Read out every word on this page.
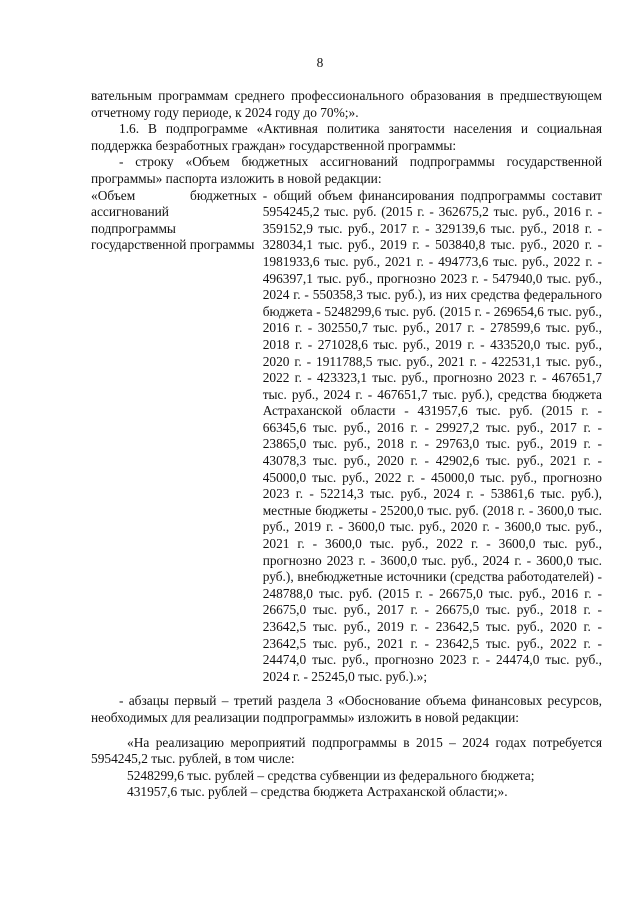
8

вательным программам среднего профессионального образования в предшествующем отчетному году периоде, к 2024 году до 70%;».

1.6. В подпрограмме «Активная политика занятости населения и социальная поддержка безработных граждан» государственной программы:

- строку «Объем бюджетных ассигнований подпрограммы государственной программы» паспорта изложить в новой редакции:

«Объем бюджетных ассигнований подпрограммы государственной программы
- общий объем финансирования подпрограммы составит 5954245,2 тыс. руб. (2015 г. - 362675,2 тыс. руб., 2016 г. - 359152,9 тыс. руб., 2017 г. - 329139,6 тыс. руб., 2018 г. - 328034,1 тыс. руб., 2019 г. - 503840,8 тыс. руб., 2020 г. - 1981933,6 тыс. руб., 2021 г. - 494773,6 тыс. руб., 2022 г. - 496397,1 тыс. руб., прогнозно 2023 г. - 547940,0 тыс. руб., 2024 г. - 550358,3 тыс. руб.), из них средства федерального бюджета - 5248299,6 тыс. руб. (2015 г. - 269654,6 тыс. руб., 2016 г. - 302550,7 тыс. руб., 2017 г. - 278599,6 тыс. руб., 2018 г. - 271028,6 тыс. руб., 2019 г. - 433520,0 тыс. руб., 2020 г. - 1911788,5 тыс. руб., 2021 г. - 422531,1 тыс. руб., 2022 г. - 423323,1 тыс. руб., прогнозно 2023 г. - 467651,7 тыс. руб., 2024 г. - 467651,7 тыс. руб.), средства бюджета Астраханской области - 431957,6 тыс. руб. (2015 г. - 66345,6 тыс. руб., 2016 г. - 29927,2 тыс. руб., 2017 г. - 23865,0 тыс. руб., 2018 г. - 29763,0 тыс. руб., 2019 г. - 43078,3 тыс. руб., 2020 г. - 42902,6 тыс. руб., 2021 г. - 45000,0 тыс. руб., 2022 г. - 45000,0 тыс. руб., прогнозно 2023 г. - 52214,3 тыс. руб., 2024 г. - 53861,6 тыс. руб.), местные бюджеты - 25200,0 тыс. руб. (2018 г. - 3600,0 тыс. руб., 2019 г. - 3600,0 тыс. руб., 2020 г. - 3600,0 тыс. руб., 2021 г. - 3600,0 тыс. руб., 2022 г. - 3600,0 тыс. руб., прогнозно 2023 г. - 3600,0 тыс. руб., 2024 г. - 3600,0 тыс. руб.), внебюджетные источники (средства работодателей) - 248788,0 тыс. руб. (2015 г. - 26675,0 тыс. руб., 2016 г. - 26675,0 тыс. руб., 2017 г. - 26675,0 тыс. руб., 2018 г. - 23642,5 тыс. руб., 2019 г. - 23642,5 тыс. руб., 2020 г. - 23642,5 тыс. руб., 2021 г. - 23642,5 тыс. руб., 2022 г. - 24474,0 тыс. руб., прогнозно 2023 г. - 24474,0 тыс. руб., 2024 г. - 25245,0 тыс. руб.).»;

- абзацы первый – третий раздела 3 «Обоснование объема финансовых ресурсов, необходимых для реализации подпрограммы» изложить в новой редакции:

«На реализацию мероприятий подпрограммы в 2015 – 2024 годах потребуется 5954245,2 тыс. рублей, в том числе:

5248299,6 тыс. рублей – средства субвенции из федерального бюджета;

431957,6 тыс. рублей – средства бюджета Астраханской области;».
